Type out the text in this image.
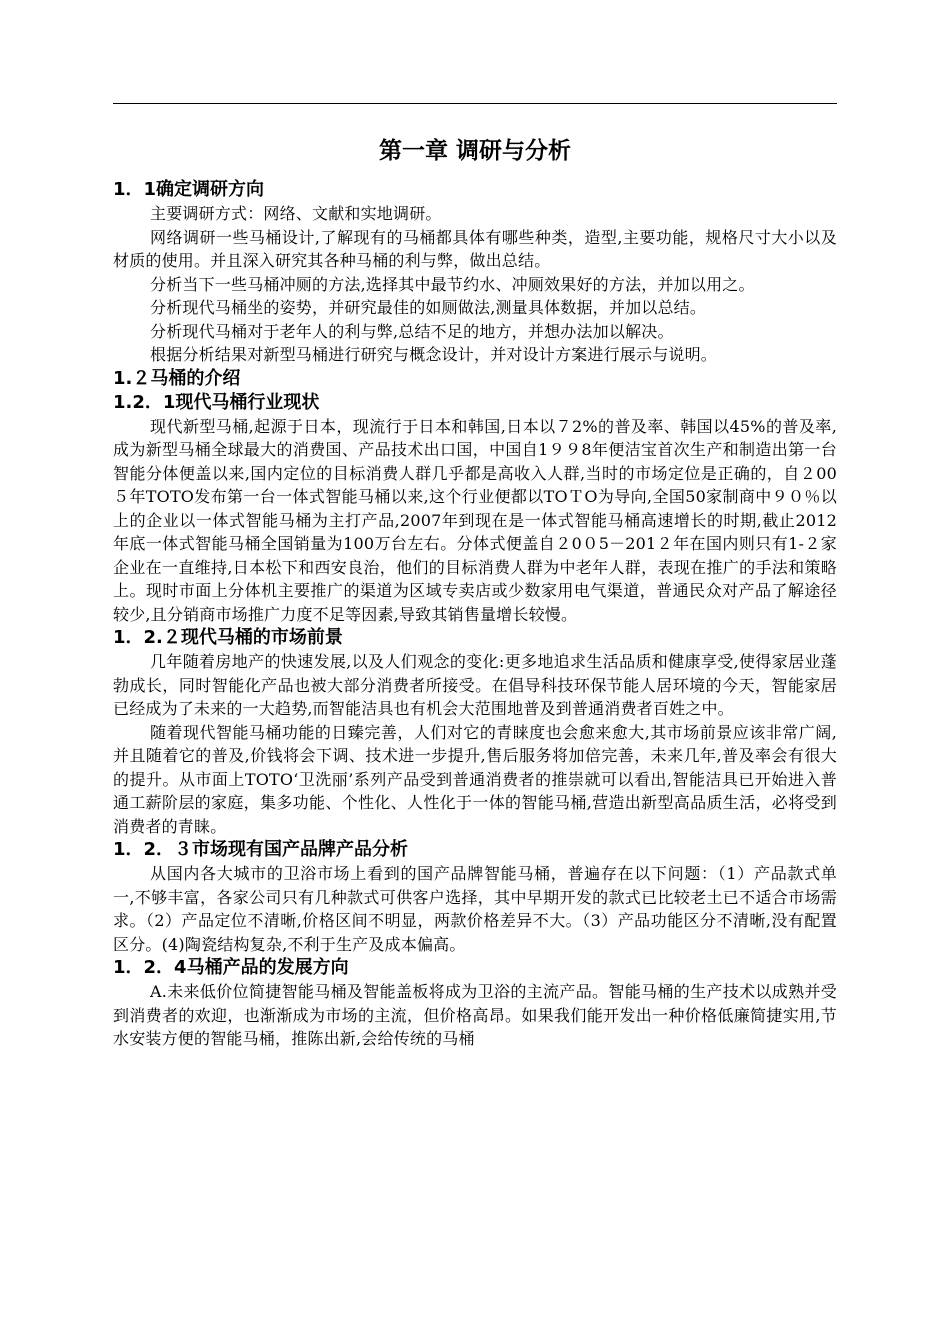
第一章 调研与分析
1．1确定调研方向

主要调研方式：网络、文献和实地调研。

网络调研一些马桶设计,了解现有的马桶都具体有哪些种类，造型,主要功能，规格尺寸大小以及材质的使用。并且深入研究其各种马桶的利与弊，做出总结。

分析当下一些马桶冲厕的方法,选择其中最节约水、冲厕效果好的方法，并加以用之。

分析现代马桶坐的姿势，并研究最佳的如厕做法,测量具体数据，并加以总结。

分析现代马桶对于老年人的利与弊,总结不足的地方，并想办法加以解决。

根据分析结果对新型马桶进行研究与概念设计，并对设计方案进行展示与说明。

1.２马桶的介绍
1.2．1现代马桶行业现状

现代新型马桶,起源于日本，现流行于日本和韩国,日本以７2%的普及率、韩国以45%的普及率,成为新型马桶全球最大的消费国、产品技术出口国，中国自1９９8年便洁宝首次生产和制造出第一台智能分体便盖以来,国内定位的目标消费人群几乎都是高收入人群,当时的市场定位是正确的，自２00５年TOTO发布第一台一体式智能马桶以来,这个行业便都以TOＴO为导向,全国50家制商中９０％以上的企业以一体式智能马桶为主打产品,2007年到现在是一体式智能马桶高速增长的时期,截止2012年底一体式智能马桶全国销量为100万台左右。分体式便盖自２0０5－201２年在国内则只有1-２家企业在一直维持,日本松下和西安良治，他们的目标消费人群为中老年人群，表现在推广的手法和策略上。现时市面上分体机主要推广的渠道为区域专卖店或少数家用电气渠道，普通民众对产品了解途径较少,且分销商市场推广力度不足等因素,导致其销售量增长较慢。

1．2.２现代马桶的市场前景

几年随着房地产的快速发展,以及人们观念的变化:更多地追求生活品质和健康享受,使得家居业蓬勃成长，同时智能化产品也被大部分消费者所接受。在倡导科技环保节能人居环境的今天，智能家居已经成为了未来的一大趋势,而智能洁具也有机会大范围地普及到普通消费者百姓之中。

随着现代智能马桶功能的日臻完善，人们对它的青睐度也会愈来愈大,其市场前景应该非常广阔,并且随着它的普及,价钱将会下调、技术进一步提升,售后服务将加倍完善，未来几年,普及率会有很大的提升。从市面上TOTO‘卫洗丽’系列产品受到普通消费者的推崇就可以看出,智能洁具已开始进入普通工薪阶层的家庭，集多功能、个性化、人性化于一体的智能马桶,营造出新型高品质生活，必将受到消费者的青睐。

1．2．３市场现有国产品牌产品分析

从国内各大城市的卫浴市场上看到的国产品牌智能马桶，普遍存在以下问题：（1）产品款式单一,不够丰富，各家公司只有几种款式可供客户选择，其中早期开发的款式已比较老土已不适合市场需求。（2）产品定位不清晰,价格区间不明显，两款价格差异不大。（3）产品功能区分不清晰,没有配置区分。(4)陶瓷结构复杂,不利于生产及成本偏高。

1．2．4马桶产品的发展方向

A.未来低价位简捷智能马桶及智能盖板将成为卫浴的主流产品。智能马桶的生产技术以成熟并受到消费者的欢迎，也渐渐成为市场的主流，但价格高昂。如果我们能开发出一种价格低廉简捷实用,节水安装方便的智能马桶，推陈出新,会给传统的马桶
